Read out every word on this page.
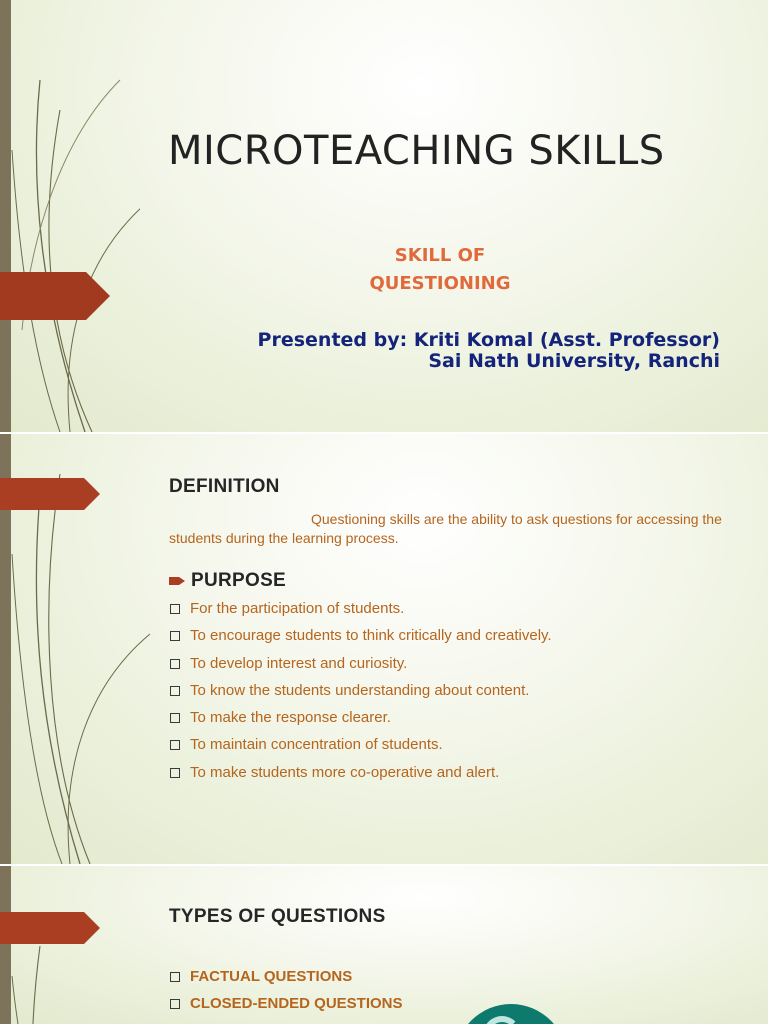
MICROTEACHING SKILLS
SKILL OF
QUESTIONING
Presented by: Kriti Komal (Asst. Professor)
Sai Nath University, Ranchi
DEFINITION
Questioning skills are the ability to ask questions for accessing the students during the learning process.
PURPOSE
For the participation of students.
To encourage students to think critically and creatively.
To develop interest and curiosity.
To know the students understanding about content.
To make the response clearer.
To maintain concentration of students.
To make students more co-operative and alert.
TYPES OF QUESTIONS
FACTUAL QUESTIONS
CLOSED-ENDED QUESTIONS
